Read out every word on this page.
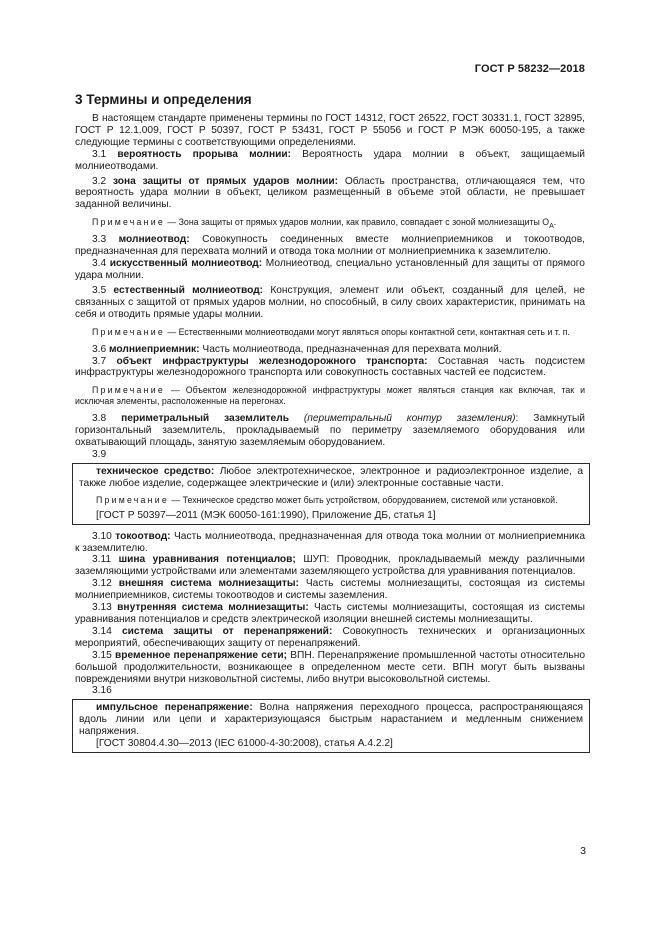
ГОСТ Р 58232—2018
3 Термины и определения

В настоящем стандарте применены термины по ГОСТ 14312, ГОСТ 26522, ГОСТ 30331.1, ГОСТ 32895, ГОСТ Р 12.1.009, ГОСТ Р 50397, ГОСТ Р 53431, ГОСТ Р 55056 и ГОСТ Р МЭК 60050-195, а также следующие термины с соответствующими определениями.

3.1 вероятность прорыва молнии: Вероятность удара молнии в объект, защищаемый молниеотводами.

3.2 зона защиты от прямых ударов молнии: Область пространства, отличающаяся тем, что вероятность удара молнии в объект, целиком размещенный в объеме этой области, не превышает заданной величины.

Примечание — Зона защиты от прямых ударов молнии, как правило, совпадает с зоной молниезащиты $О_А$.

3.3 молниеотвод: Совокупность соединенных вместе молниеприемников и токоотводов, предназначенная для перехвата молний и отвода тока молнии от молниеприемника к заземлителю.

3.4 искусственный молниеотвод: Молниеотвод, специально установленный для защиты от прямого удара молнии.

3.5 естественный молниеотвод: Конструкция, элемент или объект, созданный для целей, не связанных с защитой от прямых ударов молнии, но способный, в силу своих характеристик, принимать на себя и отводить прямые удары молнии.

Примечание — Естественными молниеотводами могут являться опоры контактной сети, контактная сеть и т. п.

3.6 молниеприемник: Часть молниеотвода, предназначенная для перехвата молний.

3.7 объект инфраструктуры железнодорожного транспорта: Составная часть подсистем инфраструктуры железнодорожного транспорта или совокупность составных частей ее подсистем.

Примечание — Объектом железнодорожной инфраструктуры может являться станция как включая, так и исключая элементы, расположенные на перегонах.

3.8 периметральный заземлитель (периметральный контур заземления): Замкнутый горизонтальный заземлитель, прокладываемый по периметру заземляемого оборудования или охватывающий площадь, занятую заземляемым оборудованием.

3.9

техническое средство: Любое электротехническое, электронное и радиоэлектронное изделие, а также любое изделие, содержащее электрические и (или) электронные составные части.

Примечание — Техническое средство может быть устройством, оборудованием, системой или установкой.

[ГОСТ Р 50397—2011 (МЭК 60050-161:1990), Приложение ДБ, статья 1]

3.10 токоотвод: Часть молниеотвода, предназначенная для отвода тока молнии от молниеприемника к заземлителю.

3.11 шина уравнивания потенциалов; ШУП: Проводник, прокладываемый между различными заземляющими устройствами или элементами заземляющего устройства для уравнивания потенциалов.

3.12 внешняя система молниезащиты: Часть системы молниезащиты, состоящая из системы молниеприемников, системы токоотводов и системы заземления.

3.13 внутренняя система молниезащиты: Часть системы молниезащиты, состоящая из системы уравнивания потенциалов и средств электрической изоляции внешней системы молниезащиты.

3.14 система защиты от перенапряжений: Совокупность технических и организационных мероприятий, обеспечивающих защиту от перенапряжений.

3.15 временное перенапряжение сети; ВПН. Перенапряжение промышленной частоты относительно большой продолжительности, возникающее в определенном месте сети. ВПН могут быть вызваны повреждениями внутри низковольтной системы, либо внутри высоковольтной системы.

3.16

импульсное перенапряжение: Волна напряжения переходного процесса, распространяющаяся вдоль линии или цепи и характеризующаяся быстрым нарастанием и медленным снижением напряжения.

[ГОСТ 30804.4.30—2013 (IEC 61000-4-30:2008), статья А.4.2.2]

3
